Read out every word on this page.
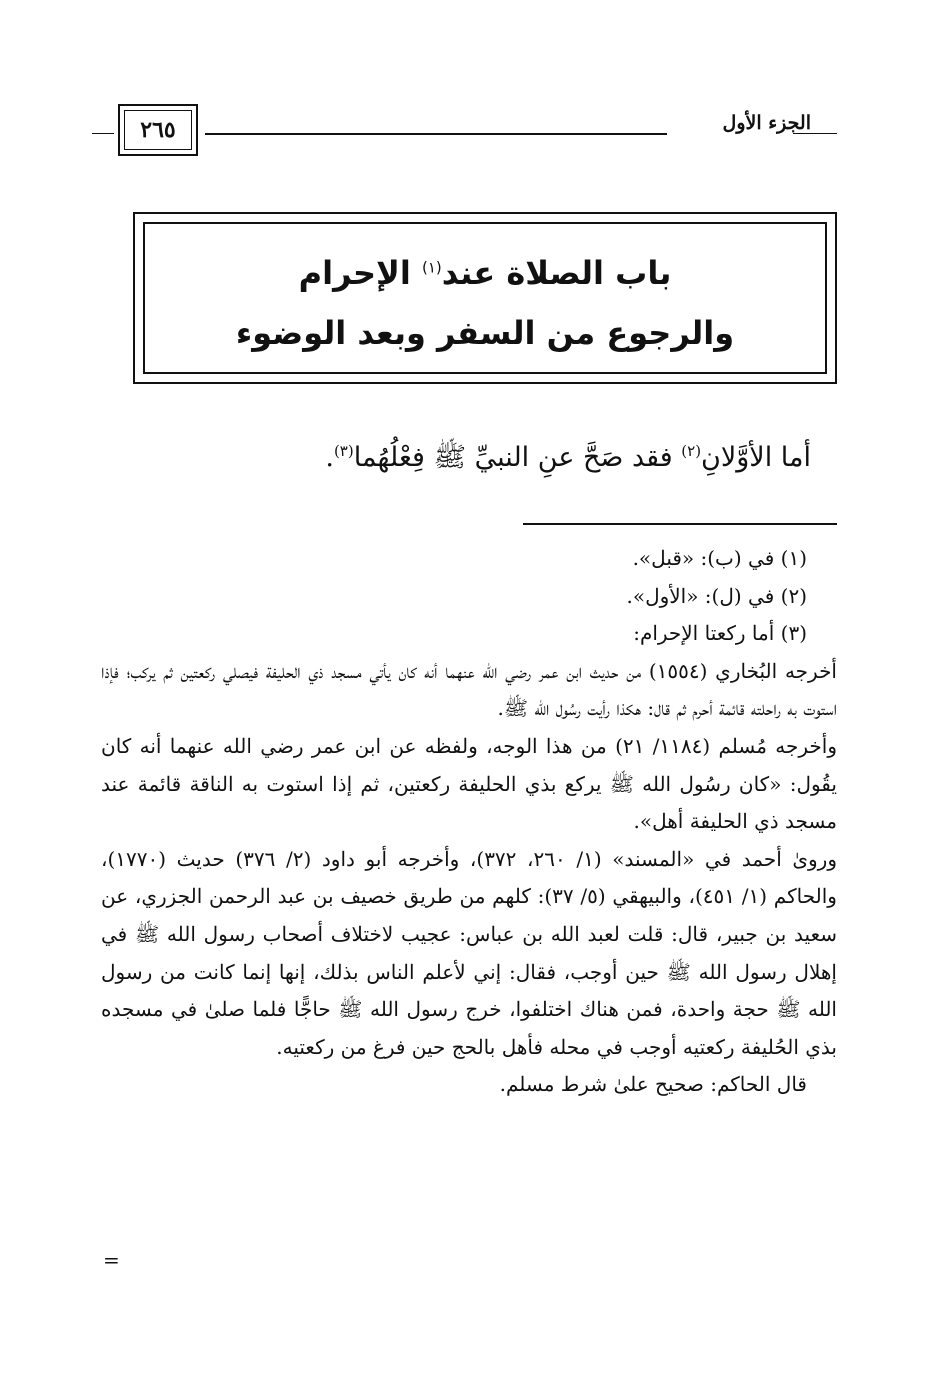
الجزء الأول
٢٦٥
باب الصلاة عند$^{(١)}$ الإحرام
والرجوع من السفر وبعد الوضوء
أما الأوَّلانِ$^{(٢)}$ فقد صَحَّ عنِ النبيِّ ﷺ فِعْلُهُما$^{(٣)}$.

(١) في (ب): «قبل».

(٢) في (ل): «الأول».

(٣) أما ركعتا الإحرام:

أخرجه البُخاري (١٥٥٤) من حديث ابن عمر رضي الله عنهما أنه كان يأتي مسجد ذي الحليفة فيصلي ركعتين ثم يركب؛ فإذا استوت به راحلته قائمة أحرم ثم قال: هكذا رأيت رسُول الله ﷺ.

وأخرجه مُسلم (١١٨٤/ ٢١) من هذا الوجه، ولفظه عن ابن عمر رضي الله عنهما أنه كان يقُول: «كان رسُول الله ﷺ يركع بذي الحليفة ركعتين، ثم إذا استوت به الناقة قائمة عند مسجد ذي الحليفة أهل».

وروىٰ أحمد في «المسند» (١/ ٢٦٠، ٣٧٢)، وأخرجه أبو داود (٢/ ٣٧٦) حديث (١٧٧٠)، والحاكم (١/ ٤٥١)، والبيهقي (٥/ ٣٧): كلهم من طريق خصيف بن عبد الرحمن الجزري، عن سعيد بن جبير، قال: قلت لعبد الله بن عباس: عجيب لاختلاف أصحاب رسول الله ﷺ في إهلال رسول الله ﷺ حين أوجب، فقال: إني لأعلم الناس بذلك، إنها إنما كانت من رسول الله ﷺ حجة واحدة، فمن هناك اختلفوا، خرج رسول الله ﷺ حاجًّا فلما صلىٰ في مسجده بذي الحُليفة ركعتيه أوجب في محله فأهل بالحج حين فرغ من ركعتيه.

قال الحاكم: صحيح علىٰ شرط مسلم.

=
